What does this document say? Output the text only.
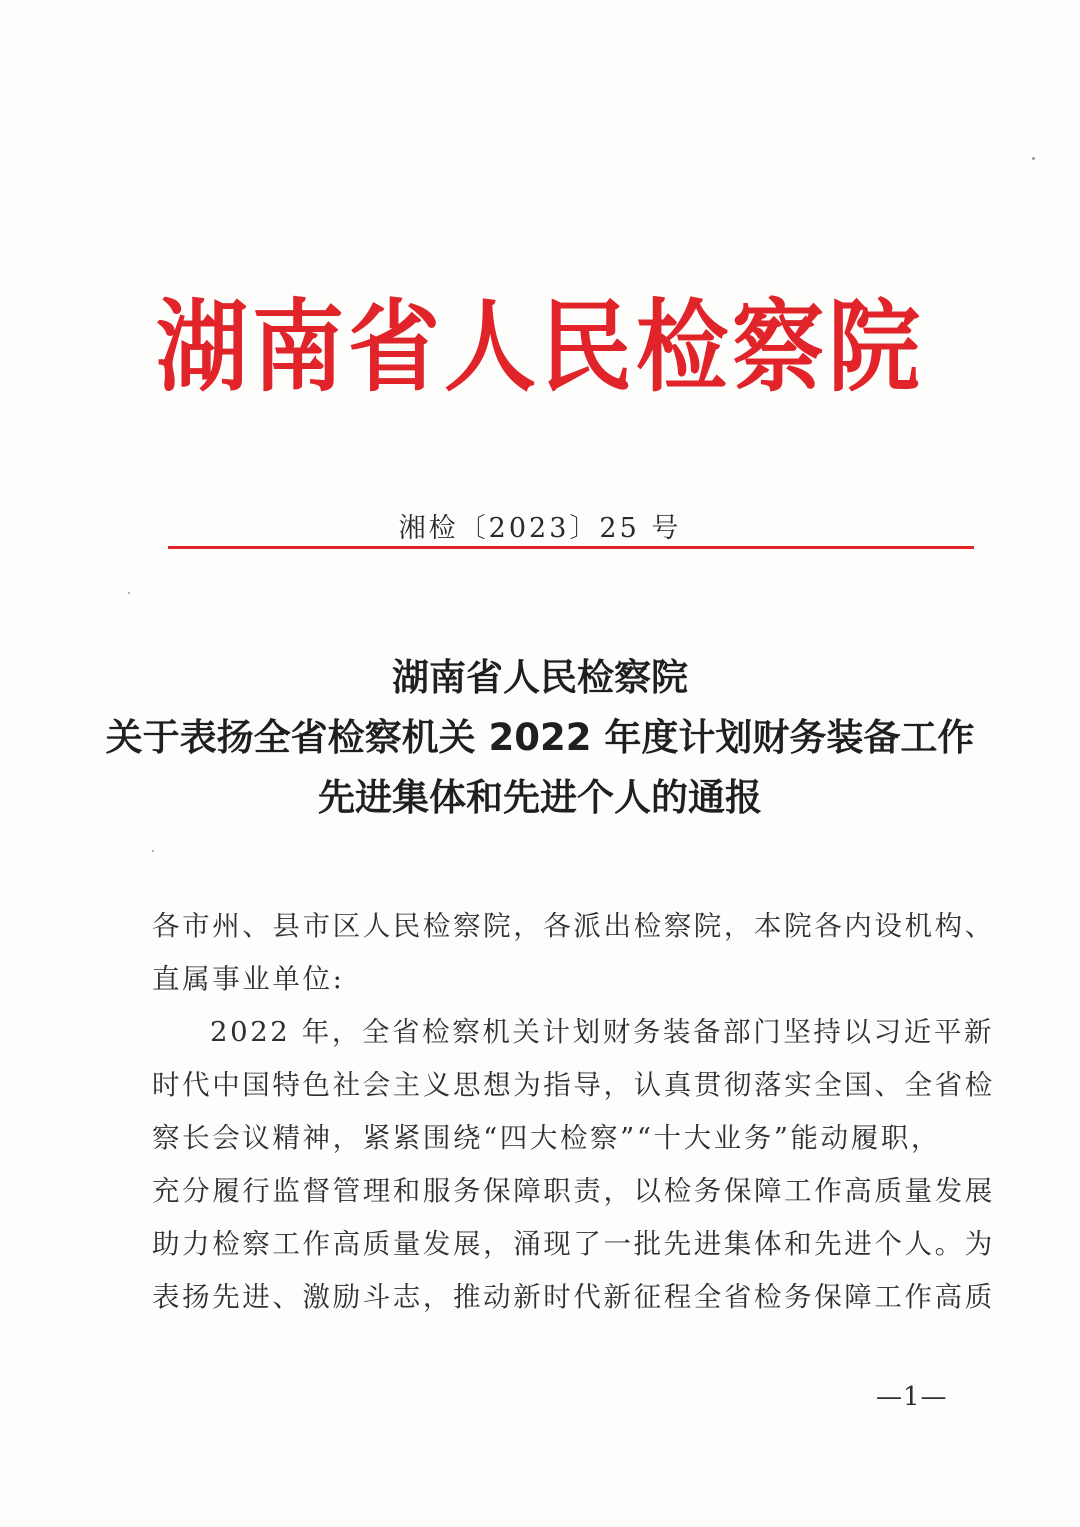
湖南省人民检察院
湘检〔2023〕25 号
湖南省人民检察院
关于表扬全省检察机关 2022 年度计划财务装备工作
先进集体和先进个人的通报
各市州、县市区人民检察院，各派出检察院，本院各内设机构、
直属事业单位:
2022 年，全省检察机关计划财务装备部门坚持以习近平新
时代中国特色社会主义思想为指导，认真贯彻落实全国、全省检
察长会议精神，紧紧围绕“四大检察”“十大业务”能动履职，
充分履行监督管理和服务保障职责，以检务保障工作高质量发展
助力检察工作高质量发展，涌现了一批先进集体和先进个人。为
表扬先进、激励斗志，推动新时代新征程全省检务保障工作高质
—1—
